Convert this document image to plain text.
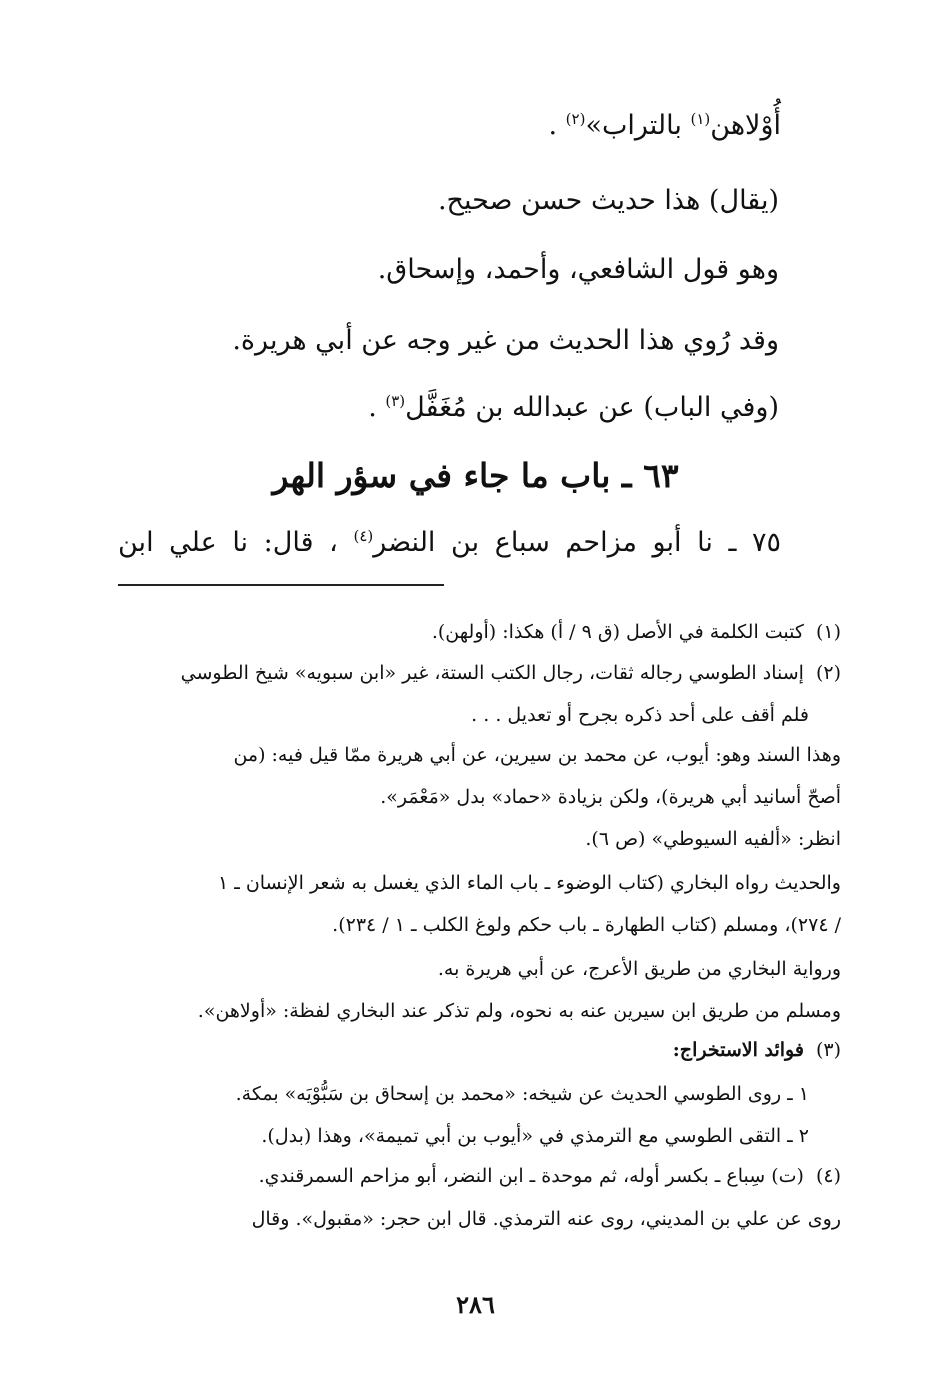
أُوْلاهن$^{(١)}$ بالتراب»$^{(٢)}$ .
(يقال) هذا حديث حسن صحيح.
وهو قول الشافعي، وأحمد، وإسحاق.
وقد رُوي هذا الحديث من غير وجه عن أبي هريرة.
(وفي الباب) عن عبدالله بن مُغَفَّل$^{(٣)}$ .
٦٣ ـ باب ما جاء في سؤر الهر
٧٥ ـ نا أبو مزاحم سباع بن النضر$^{(٤)}$ ، قال: نا علي ابن
(١)كتبت الكلمة في الأصل (ق ٩ / أ) هكذا: (أولهن).
(٢)إسناد الطوسي رجاله ثقات، رجال الكتب الستة، غير «ابن سبويه» شيخ الطوسي
فلم أقف على أحد ذكره بجرح أو تعديل . . .
وهذا السند وهو: أيوب، عن محمد بن سيرين، عن أبي هريرة ممّا قيل فيه: (من
أصحّ أسانيد أبي هريرة)، ولكن بزيادة «حماد» بدل «مَعْمَر».
انظر: «ألفيه السيوطي» (ص ٦).
والحديث رواه البخاري (كتاب الوضوء ـ باب الماء الذي يغسل به شعر الإنسان ـ ١
/ ٢٧٤)، ومسلم (كتاب الطهارة ـ باب حكم ولوغ الكلب ـ ١ / ٢٣٤).
ورواية البخاري من طريق الأعرج، عن أبي هريرة به.
ومسلم من طريق ابن سيرين عنه به نحوه، ولم تذكر عند البخاري لفظة: «أولاهن».
(٣)فوائد الاستخراج:
١ ـ روى الطوسي الحديث عن شيخه: «محمد بن إسحاق بن سَبُّوْيَه» بمكة.
٢ ـ التقى الطوسي مع الترمذي في «أيوب بن أبي تميمة»، وهذا (بدل).
(٤)(ت) سِباع ـ بكسر أوله، ثم موحدة ـ ابن النضر، أبو مزاحم السمرقندي.
روى عن علي بن المديني، روى عنه الترمذي. قال ابن حجر: «مقبول». وقال
٢٨٦
